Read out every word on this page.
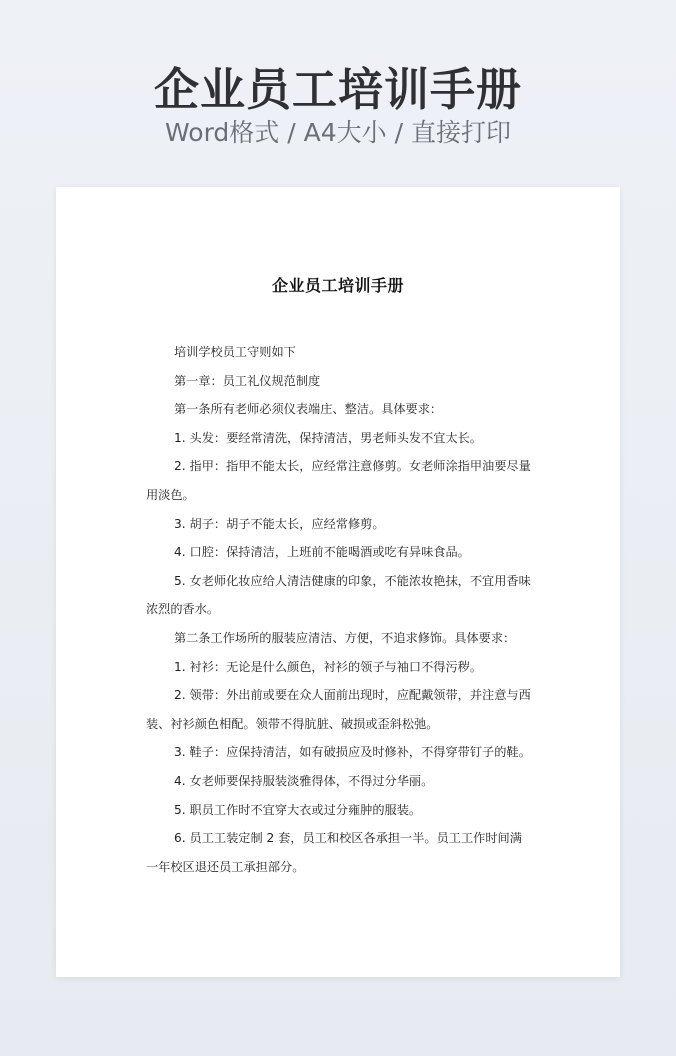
企业员工培训手册
Word格式 / A4大小 / 直接打印
企业员工培训手册

培训学校员工守则如下

第一章：员工礼仪规范制度

第一条所有老师必须仪表端庄、整洁。具体要求：

1. 头发：要经常清洗，保持清洁，男老师头发不宜太长。

2. 指甲：指甲不能太长，应经常注意修剪。女老师涂指甲油要尽量用淡色。

3. 胡子：胡子不能太长，应经常修剪。

4. 口腔：保持清洁，上班前不能喝酒或吃有异味食品。

5. 女老师化妆应给人清洁健康的印象，不能浓妆艳抹，不宜用香味浓烈的香水。

第二条工作场所的服装应清洁、方便，不追求修饰。具体要求：

1. 衬衫：无论是什么颜色，衬衫的领子与袖口不得污秽。

2. 领带：外出前或要在众人面前出现时，应配戴领带，并注意与西装、衬衫颜色相配。领带不得肮脏、破损或歪斜松弛。

3. 鞋子：应保持清洁，如有破损应及时修补，不得穿带钉子的鞋。

4. 女老师要保持服装淡雅得体，不得过分华丽。

5. 职员工作时不宜穿大衣或过分雍肿的服装。

6. 员工工装定制 2 套，员工和校区各承担一半。员工工作时间满一年校区退还员工承担部分。
